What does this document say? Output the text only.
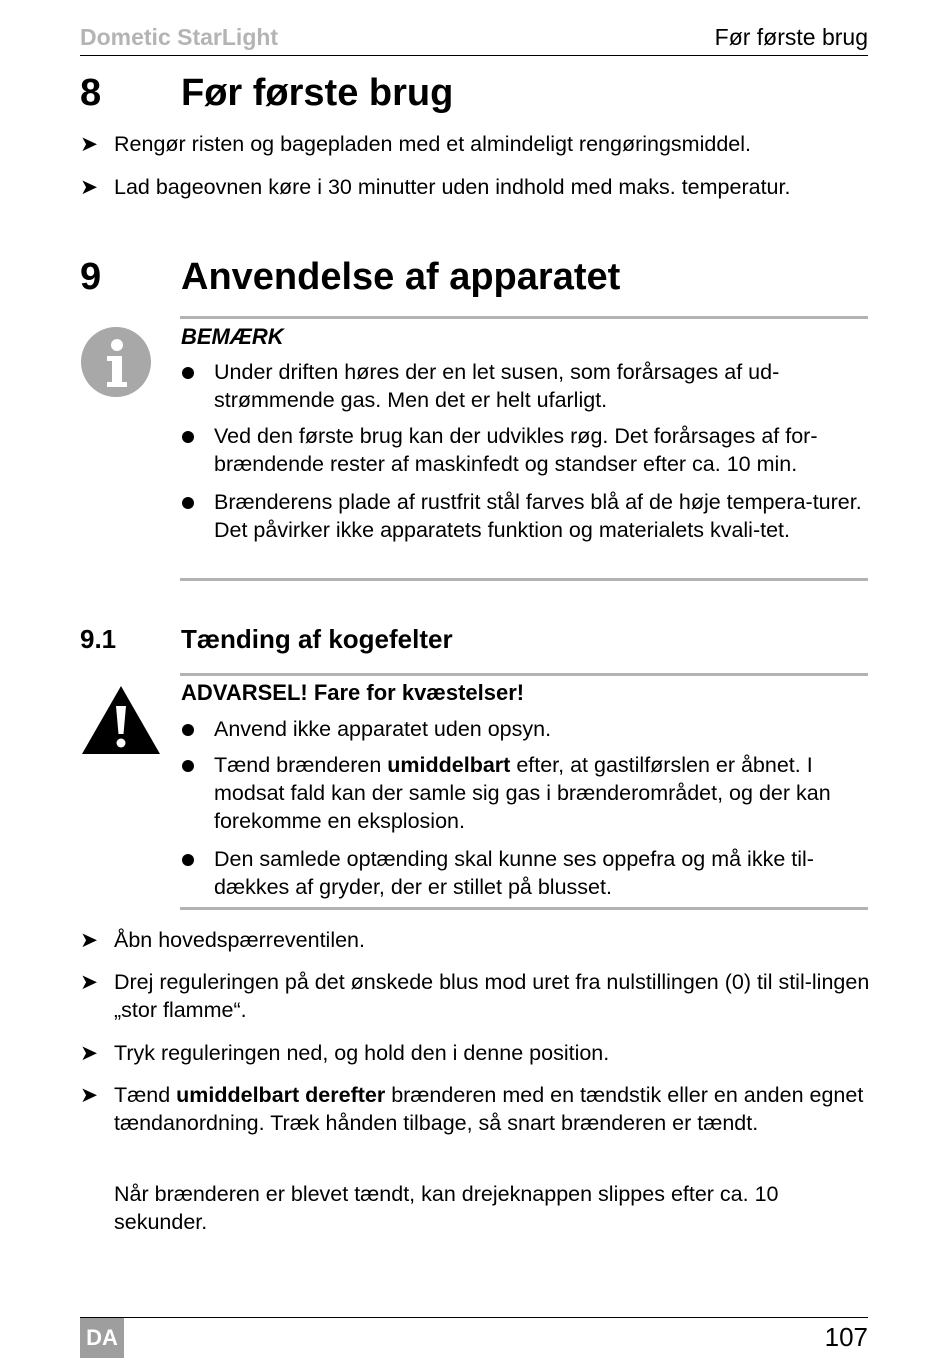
Dometic StarLight	Før første brug
8 Før første brug
➤ Rengør risten og bagepladen med et almindeligt rengøringsmiddel.
➤ Lad bageovnen køre i 30 minutter uden indhold med maks. temperatur.
9 Anvendelse af apparatet
BEMÆRK
Under driften høres der en let susen, som forårsages af ud-strømmende gas. Men det er helt ufarligt.
Ved den første brug kan der udvikles røg. Det forårsages af for-brændende rester af maskinfedt og standser efter ca. 10 min.
Brænderens plade af rustfrit stål farves blå af de høje tempera-turer. Det påvirker ikke apparatets funktion og materialets kvali-tet.
9.1 Tænding af kogefelter
ADVARSEL! Fare for kvæstelser!
Anvend ikke apparatet uden opsyn.
Tænd brænderen umiddelbart efter, at gastilførslen er åbnet. I modsat fald kan der samle sig gas i brænderområdet, og der kan forekomme en eksplosion.
Den samlede optænding skal kunne ses oppefra og må ikke til-dækkes af gryder, der er stillet på blusset.
➤ Åbn hovedspærreventilen.
➤ Drej reguleringen på det ønskede blus mod uret fra nulstillingen (0) til stil-lingen „stor flamme“.
➤ Tryk reguleringen ned, og hold den i denne position.
➤ Tænd umiddelbart derefter brænderen med en tændstik eller en anden egnet tændanordning. Træk hånden tilbage, så snart brænderen er tændt.
Når brænderen er blevet tændt, kan drejeknappen slippes efter ca. 10 sekunder.
DA	107
